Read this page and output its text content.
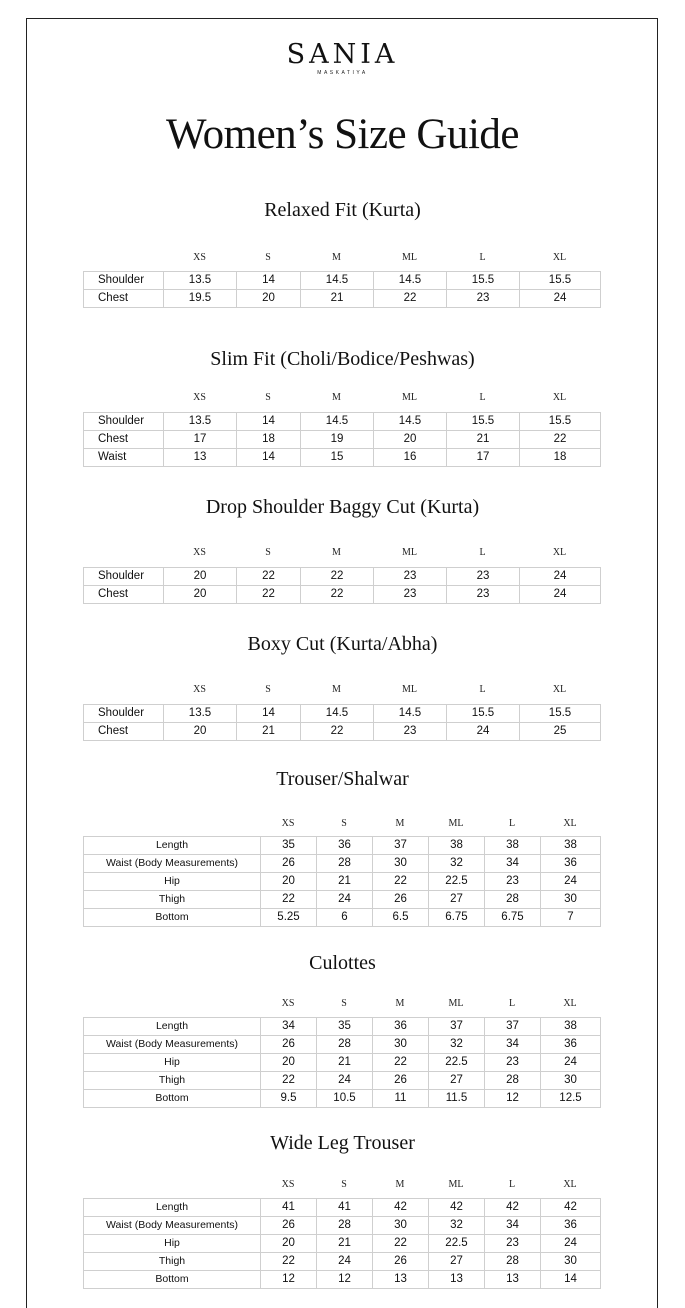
SANIA
MASKATIYA
Women’s Size Guide
Relaxed Fit (Kurta)
XS	S	M	ML	L	XL
Shoulder	13.5	14	14.5	14.5	15.5	15.5
Chest	19.5	20	21	22	23	24
Slim Fit (Choli/Bodice/Peshwas)
XS	S	M	ML	L	XL
Shoulder	13.5	14	14.5	14.5	15.5	15.5
Chest	17	18	19	20	21	22
Waist	13	14	15	16	17	18
Drop Shoulder Baggy Cut (Kurta)
XS	S	M	ML	L	XL
Shoulder	20	22	22	23	23	24
Chest	20	22	22	23	23	24
Boxy Cut (Kurta/Abha)
XS	S	M	ML	L	XL
Shoulder	13.5	14	14.5	14.5	15.5	15.5
Chest	20	21	22	23	24	25
Trouser/Shalwar
XS	S	M	ML	L	XL
Length	35	36	37	38	38	38
Waist (Body Measurements)	26	28	30	32	34	36
Hip	20	21	22	22.5	23	24
Thigh	22	24	26	27	28	30
Bottom	5.25	6	6.5	6.75	6.75	7
Culottes
XS	S	M	ML	L	XL
Length	34	35	36	37	37	38
Waist (Body Measurements)	26	28	30	32	34	36
Hip	20	21	22	22.5	23	24
Thigh	22	24	26	27	28	30
Bottom	9.5	10.5	11	11.5	12	12.5
Wide Leg Trouser
XS	S	M	ML	L	XL
Length	41	41	42	42	42	42
Waist (Body Measurements)	26	28	30	32	34	36
Hip	20	21	22	22.5	23	24
Thigh	22	24	26	27	28	30
Bottom	12	12	13	13	13	14
